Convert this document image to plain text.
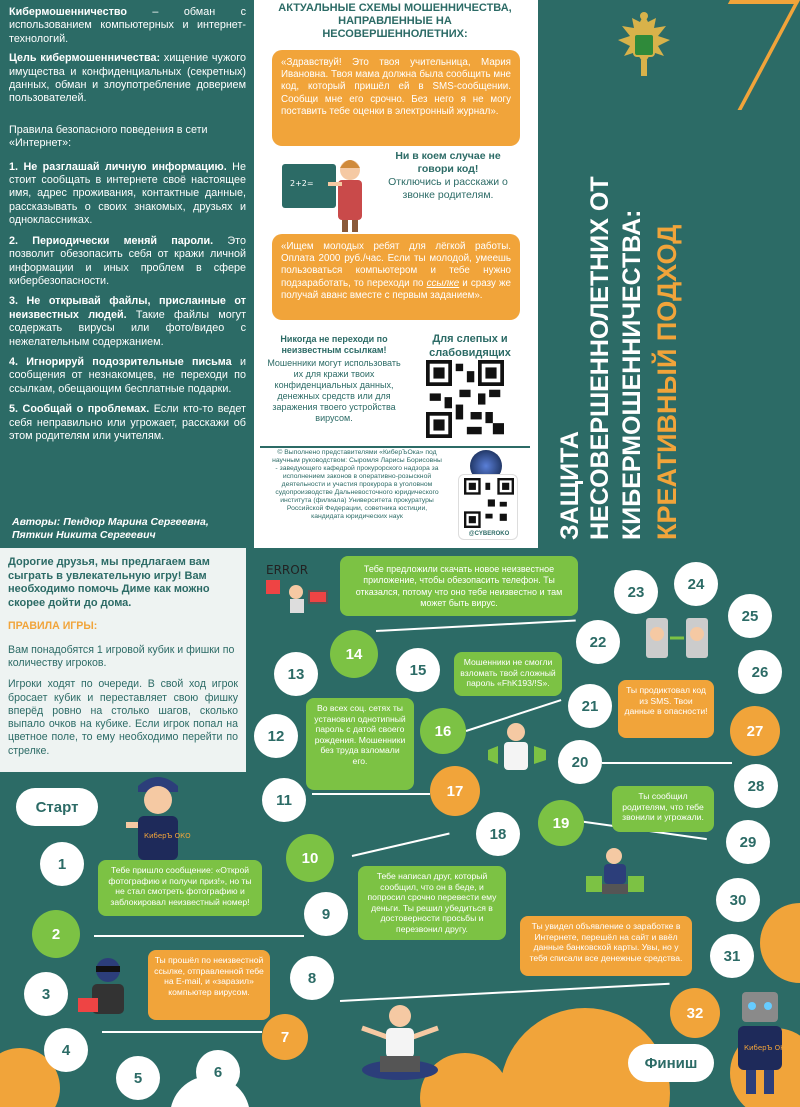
Кибермошенничество – обман с использованием компьютерных и интернет-технологий.

Цель кибермошенничества: хищение чужого имущества и конфиденциальных (секретных) данных, обман и злоупотребление доверием пользователей.

Правила безопасного поведения в сети «Интернет»:

1. Не разглашай личную информацию. Не стоит сообщать в интернете своё настоящее имя, адрес проживания, контактные данные, рассказывать о своих знакомых, друзьях и одноклассниках.
2. Периодически меняй пароли. Это позволит обезопасить себя от кражи личной информации и иных проблем в сфере кибербезопасности.
3. Не открывай файлы, присланные от неизвестных людей. Такие файлы могут содержать вирусы или фото/видео с нежелательным содержанием.
4. Игнорируй подозрительные письма и сообщения от незнакомцев, не переходи по ссылкам, обещающим бесплатные подарки.
5. Сообщай о проблемах. Если кто-то ведет себя неправильно или угрожает, расскажи об этом родителям или учителям.
Авторы: Пендюр Марина Сергеевна,
Пяткин Никита Сергеевич
АКТУАЛЬНЫЕ СХЕМЫ МОШЕННИЧЕСТВА, НАПРАВЛЕННЫЕ НА НЕСОВЕРШЕННОЛЕТНИХ:
«Здравствуй! Это твоя учительница, Мария Ивановна. Твоя мама должна была сообщить мне код, который пришёл ей в SMS-сообщении. Сообщи мне его срочно. Без него я не могу поставить тебе оценки в электронный журнал».
2+2=
Ни в коем случае не говори код!
Отключись и расскажи о звонке родителям.
«Ищем молодых ребят для лёгкой работы. Оплата 2000 руб./час. Если ты молодой, умеешь пользоваться компьютером и тебе нужно подзаработать, то переходи по ссылке и сразу же получай аванс вместе с первым заданием».
Никогда не переходи по неизвестным ссылкам!
Мошенники могут использовать их для кражи твоих конфиденциальных данных, денежных средств или для заражения твоего устройства вирусом.
Для слепых и слабовидящих
© Выполнено представителями «КиберЪОка» под научным руководством: Сыромля Ларисы Борисовны - заведующего кафедрой прокурорского надзора за исполнением законов в оперативно-розыскной деятельности и участия прокурора в уголовном судопроизводстве Дальневосточного юридического института (филиала) Университета прокуратуры Российской Федерации, советника юстиции, кандидата юридических наук
@CYBEROKO	ЗАЩИТА НЕСОВЕРШЕННОЛЕТНИХ ОТ КИБЕРМОШЕННИЧЕСТВА: КРЕАТИВНЫЙ ПОДХОД
Дорогие друзья, мы предлагаем вам сыграть в увлекательную игру! Вам необходимо помочь Диме как можно скорее дойти до дома.
ПРАВИЛА ИГРЫ:

Вам понадобятся 1 игровой кубик и фишки по количеству игроков.

Игроки ходят по очереди. В свой ход игрок бросает кубик и переставляет свою фишку вперёд ровно на столько шагов, сколько выпало очков на кубике. Если игрок попал на цветное поле, то ему необходимо перейти по стрелке.

ERROR
Старт
Финиш
КиберЪ ОКО
КиберЪ ОКО
1
2
3
4
5	6
7
8
9
10
11
12
13
14
15
16
17
18
19
20
21
22
23	24
25
26
27
28
29
30
31
32
Тебе предложили скачать новое неизвестное приложение, чтобы обезопасить телефон. Ты отказался, потому что оно тебе неизвестно и там может быть вирус.
Мошенники не смогли взломать твой сложный пароль «FhK193/!S».
Во всех соц. сетях ты установил однотипный пароль с датой своего рождения. Мошенники без труда взломали его.
Ты продиктовал код из SMS. Твои данные в опасности!
Ты сообщил родителям, что тебе звонили и угрожали.
Тебе пришло сообщение: «Открой фотографию и получи приз!», но ты не стал смотреть фотографию и заблокировал неизвестный номер!
Тебе написал друг, который сообщил, что он в беде, и попросил срочно перевести ему деньги. Ты решил убедиться в достоверности просьбы и перезвонил другу.	Ты увидел объявление о заработке в Интернете, перешёл на сайт и ввёл данные банковской карты. Увы, но у тебя списали все денежные средства.
Ты прошёл по неизвестной ссылке, отправленной тебе на E-mail, и «заразил» компьютер вирусом.
